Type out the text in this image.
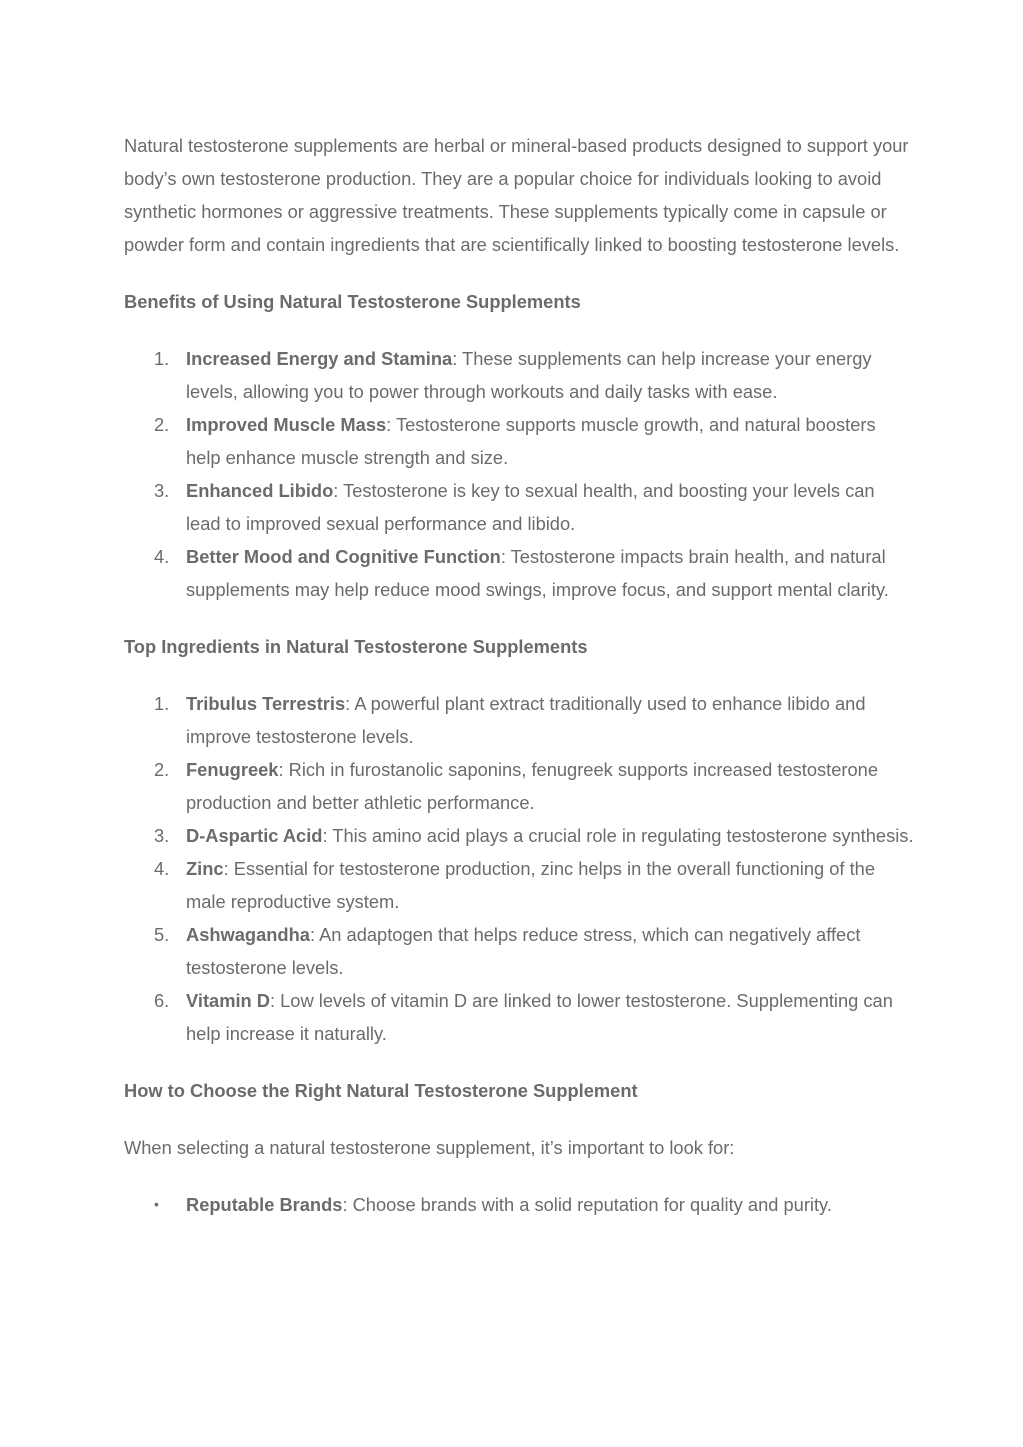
Natural testosterone supplements are herbal or mineral-based products designed to support your body’s own testosterone production. They are a popular choice for individuals looking to avoid synthetic hormones or aggressive treatments. These supplements typically come in capsule or powder form and contain ingredients that are scientifically linked to boosting testosterone levels.

Benefits of Using Natural Testosterone Supplements
1. Increased Energy and Stamina: These supplements can help increase your energy levels, allowing you to power through workouts and daily tasks with ease.
2. Improved Muscle Mass: Testosterone supports muscle growth, and natural boosters help enhance muscle strength and size.
3. Enhanced Libido: Testosterone is key to sexual health, and boosting your levels can lead to improved sexual performance and libido.
4. Better Mood and Cognitive Function: Testosterone impacts brain health, and natural supplements may help reduce mood swings, improve focus, and support mental clarity.
Top Ingredients in Natural Testosterone Supplements
1. Tribulus Terrestris: A powerful plant extract traditionally used to enhance libido and improve testosterone levels.
2. Fenugreek: Rich in furostanolic saponins, fenugreek supports increased testosterone production and better athletic performance.
3. D-Aspartic Acid: This amino acid plays a crucial role in regulating testosterone synthesis.
4. Zinc: Essential for testosterone production, zinc helps in the overall functioning of the male reproductive system.
5. Ashwagandha: An adaptogen that helps reduce stress, which can negatively affect testosterone levels.
6. Vitamin D: Low levels of vitamin D are linked to lower testosterone. Supplementing can help increase it naturally.
How to Choose the Right Natural Testosterone Supplement

When selecting a natural testosterone supplement, it’s important to look for:

• Reputable Brands: Choose brands with a solid reputation for quality and purity.
